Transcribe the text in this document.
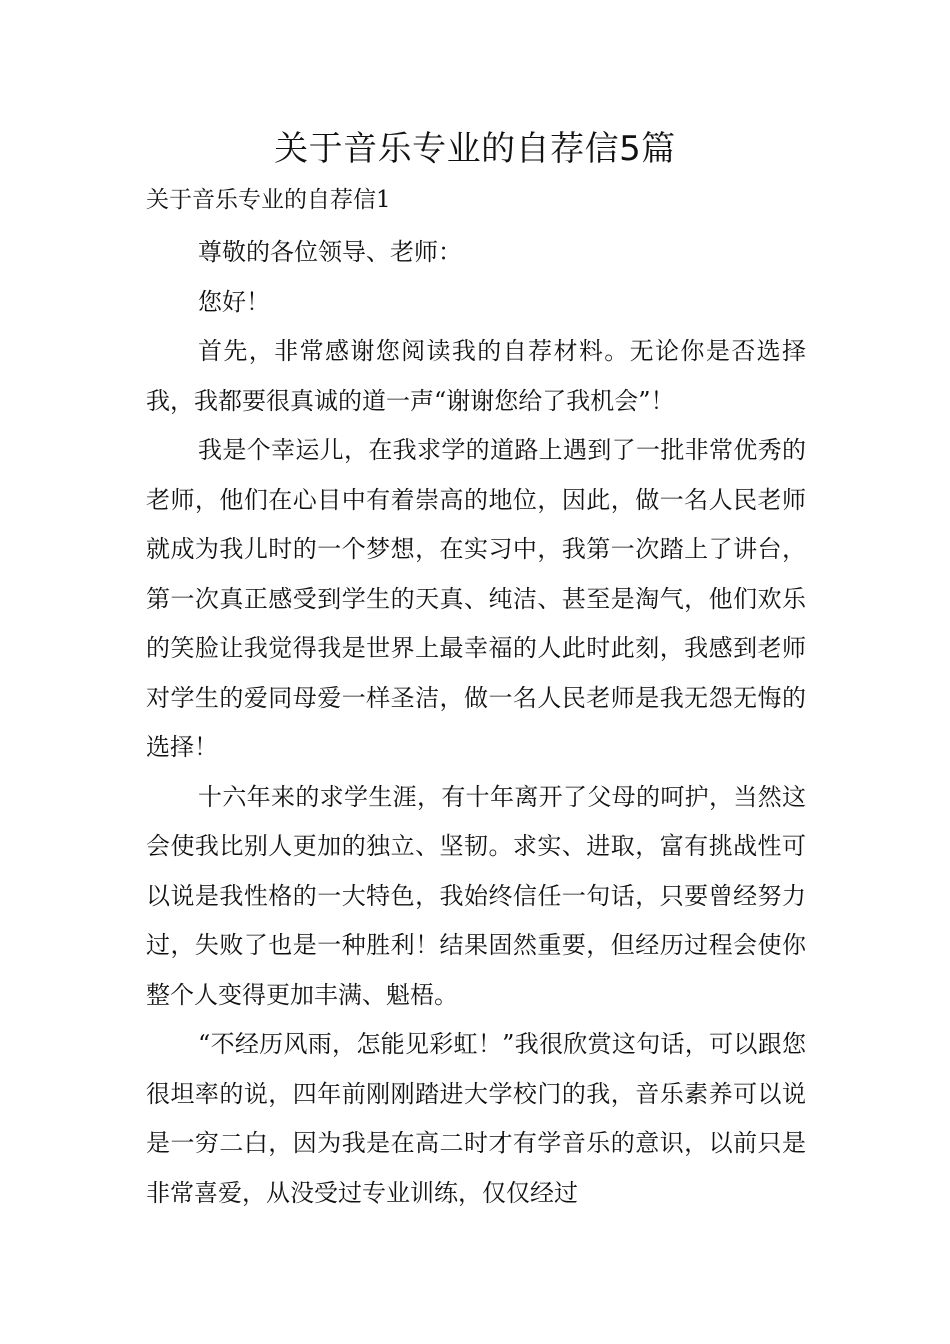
关于音乐专业的自荐信5篇

关于音乐专业的自荐信1

尊敬的各位领导、老师：

您好！

首先，非常感谢您阅读我的自荐材料。无论你是否选择我，我都要很真诚的道一声“谢谢您给了我机会”！

我是个幸运儿，在我求学的道路上遇到了一批非常优秀的老师，他们在心目中有着崇高的地位，因此，做一名人民老师就成为我儿时的一个梦想，在实习中，我第一次踏上了讲台，第一次真正感受到学生的天真、纯洁、甚至是淘气，他们欢乐的笑脸让我觉得我是世界上最幸福的人此时此刻，我感到老师对学生的爱同母爱一样圣洁，做一名人民老师是我无怨无悔的选择！

十六年来的求学生涯，有十年离开了父母的呵护，当然这会使我比别人更加的独立、坚韧。求实、进取，富有挑战性可以说是我性格的一大特色，我始终信任一句话，只要曾经努力过，失败了也是一种胜利！结果固然重要，但经历过程会使你整个人变得更加丰满、魁梧。

“不经历风雨，怎能见彩虹！”我很欣赏这句话，可以跟您很坦率的说，四年前刚刚踏进大学校门的我，音乐素养可以说是一穷二白，因为我是在高二时才有学音乐的意识，以前只是非常喜爱，从没受过专业训练，仅仅经过
